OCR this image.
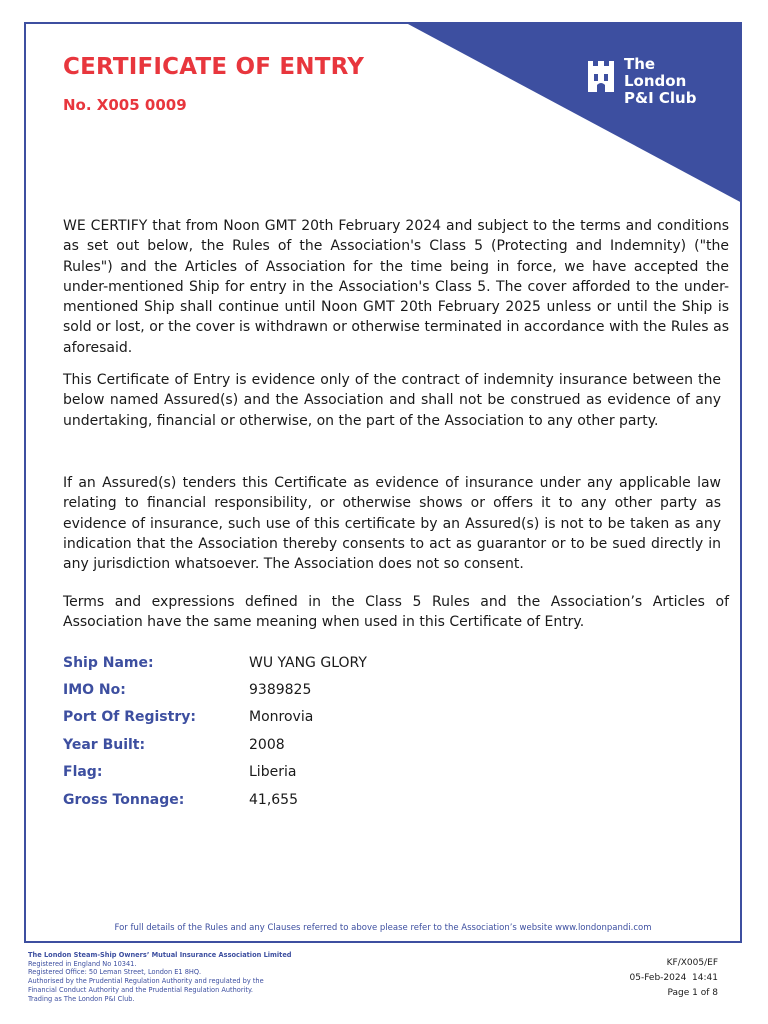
The
London
P&I Club
CERTIFICATE OF ENTRY
No. X005 0009

WE CERTIFY that from Noon GMT 20th February 2024 and subject to the terms and conditions as set out below, the Rules of the Association's Class 5 (Protecting and Indemnity) ("the Rules") and the Articles of Association for the time being in force, we have accepted the under-mentioned Ship for entry in the Association's Class 5. The cover afforded to the under-mentioned Ship shall continue until Noon GMT 20th February 2025 unless or until the Ship is sold or lost, or the cover is withdrawn or otherwise terminated in accordance with the Rules as aforesaid.

This Certificate of Entry is evidence only of the contract of indemnity insurance between the below named Assured(s) and the Association and shall not be construed as evidence of any undertaking, financial or otherwise, on the part of the Association to any other party.

If an Assured(s) tenders this Certificate as evidence of insurance under any applicable law relating to financial responsibility, or otherwise shows or offers it to any other party as evidence of insurance, such use of this certificate by an Assured(s) is not to be taken as any indication that the Association thereby consents to act as guarantor or to be sued directly in any jurisdiction whatsoever. The Association does not so consent.

Terms and expressions defined in the Class 5 Rules and the Association’s Articles of Association have the same meaning when used in this Certificate of Entry.

Ship Name:	WU YANG GLORY
IMO No:	9389825
Port Of Registry:	Monrovia
Year Built:	2008
Flag:	Liberia
Gross Tonnage:	41,655
For full details of the Rules and any Clauses referred to above please refer to the Association’s website www.londonpandi.com
The London Steam-Ship Owners’ Mutual Insurance Association Limited
Registered in England No 10341.
Registered Office: 50 Leman Street, London E1 8HQ.
Authorised by the Prudential Regulation Authority and regulated by the
Financial Conduct Authority and the Prudential Regulation Authority.
Trading as The London P&I Club.
KF/X005/EF
05-Feb-2024  14:41
Page 1 of 8
